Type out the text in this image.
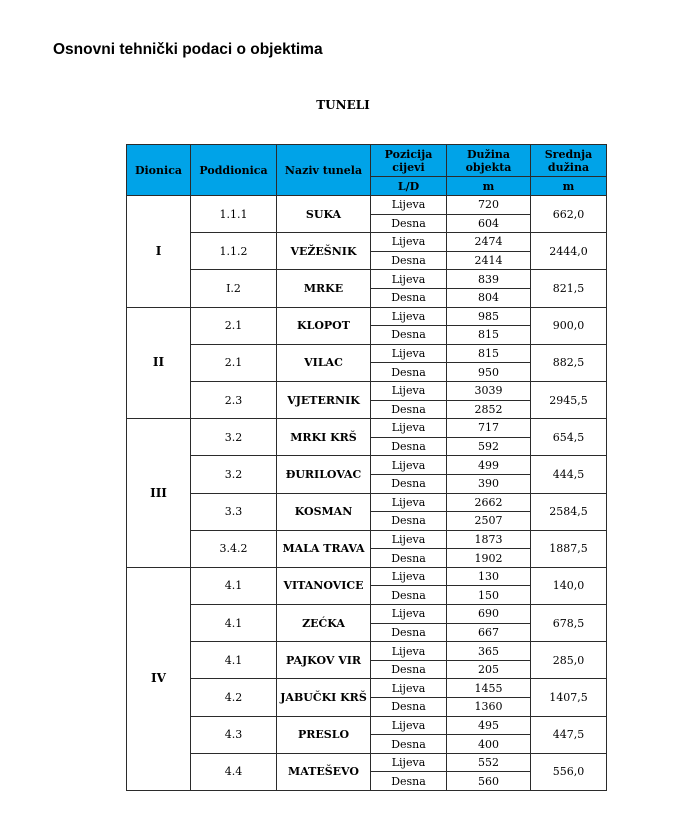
Osnovni tehnički podaci o objektima
TUNELI
Dionica	Poddionica	Naziv tunela	Pozicija cijevi	Dužina objekta	Srednja dužina
			L/D	m	m
I	1.1.1	SUKA	Lijeva	720	662,0
			Desna	604	
	1.1.2	VEŽEŠNIK	Lijeva	2474	2444,0
			Desna	2414	
	I.2	MRKE	Lijeva	839	821,5
			Desna	804	
II	2.1	KLOPOT	Lijeva	985	900,0
			Desna	815	
	2.1	VILAC	Lijeva	815	882,5
			Desna	950	
	2.3	VJETERNIK	Lijeva	3039	2945,5
			Desna	2852	
III	3.2	MRKI KRŠ	Lijeva	717	654,5
			Desna	592	
	3.2	ĐURILOVAC	Lijeva	499	444,5
			Desna	390	
	3.3	KOSMAN	Lijeva	2662	2584,5
			Desna	2507	
	3.4.2	MALA TRAVA	Lijeva	1873	1887,5
			Desna	1902	
IV	4.1	VITANOVICE	Lijeva	130	140,0
			Desna	150	
	4.1	ZEĆKA	Lijeva	690	678,5
			Desna	667	
	4.1	PAJKOV VIR	Lijeva	365	285,0
			Desna	205	
	4.2	JABUČKI KRŠ	Lijeva	1455	1407,5
			Desna	1360	
	4.3	PRESLO	Lijeva	495	447,5
			Desna	400	
	4.4	MATEŠEVO	Lijeva	552	556,0
			Desna	560	
